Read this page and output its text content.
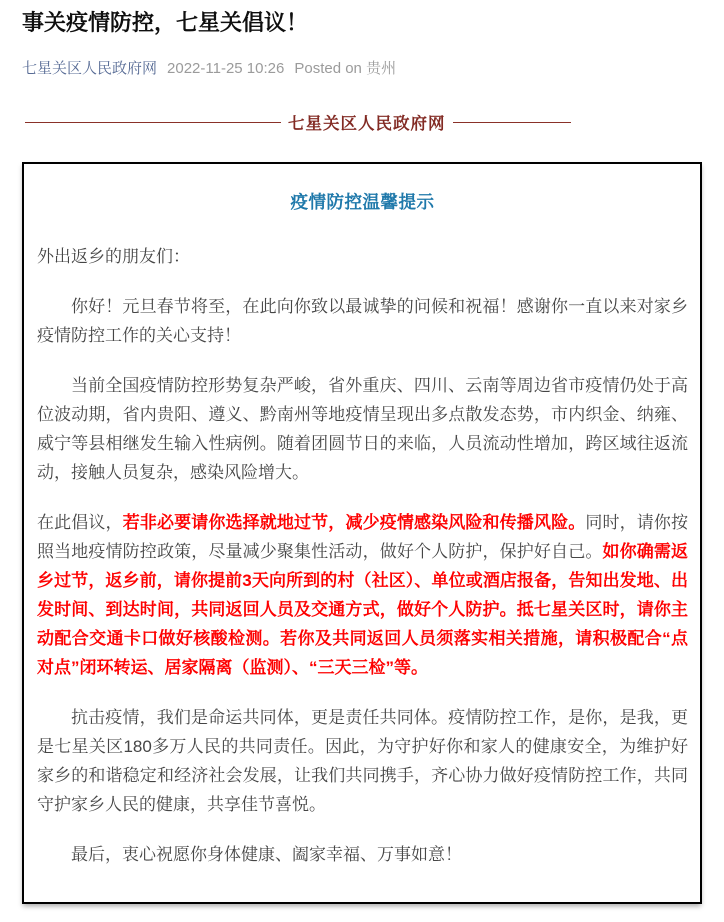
事关疫情防控，七星关倡议！
七星关区人民政府网 2022-11-25 10:26 Posted on 贵州
七星关区人民政府网
疫情防控温馨提示
外出返乡的朋友们：

你好！元旦春节将至，在此向你致以最诚挚的问候和祝福！感谢你一直以来对家乡疫情防控工作的关心支持！

当前全国疫情防控形势复杂严峻，省外重庆、四川、云南等周边省市疫情仍处于高位波动期，省内贵阳、遵义、黔南州等地疫情呈现出多点散发态势，市内织金、纳雍、威宁等县相继发生输入性病例。随着团圆节日的来临，人员流动性增加，跨区域往返流动，接触人员复杂，感染风险增大。

在此倡议，若非必要请你选择就地过节，减少疫情感染风险和传播风险。同时，请你按照当地疫情防控政策，尽量减少聚集性活动，做好个人防护，保护好自己。如你确需返乡过节，返乡前，请你提前3天向所到的村（社区）、单位或酒店报备，告知出发地、出发时间、到达时间，共同返回人员及交通方式，做好个人防护。抵七星关区时，请你主动配合交通卡口做好核酸检测。若你及共同返回人员须落实相关措施，请积极配合“点对点”闭环转运、居家隔离（监测）、“三天三检”等。

抗击疫情，我们是命运共同体，更是责任共同体。疫情防控工作，是你，是我，更是七星关区180多万人民的共同责任。因此，为守护好你和家人的健康安全，为维护好家乡的和谐稳定和经济社会发展，让我们共同携手，齐心协力做好疫情防控工作，共同守护家乡人民的健康，共享佳节喜悦。

最后，衷心祝愿你身体健康、阖家幸福、万事如意！
